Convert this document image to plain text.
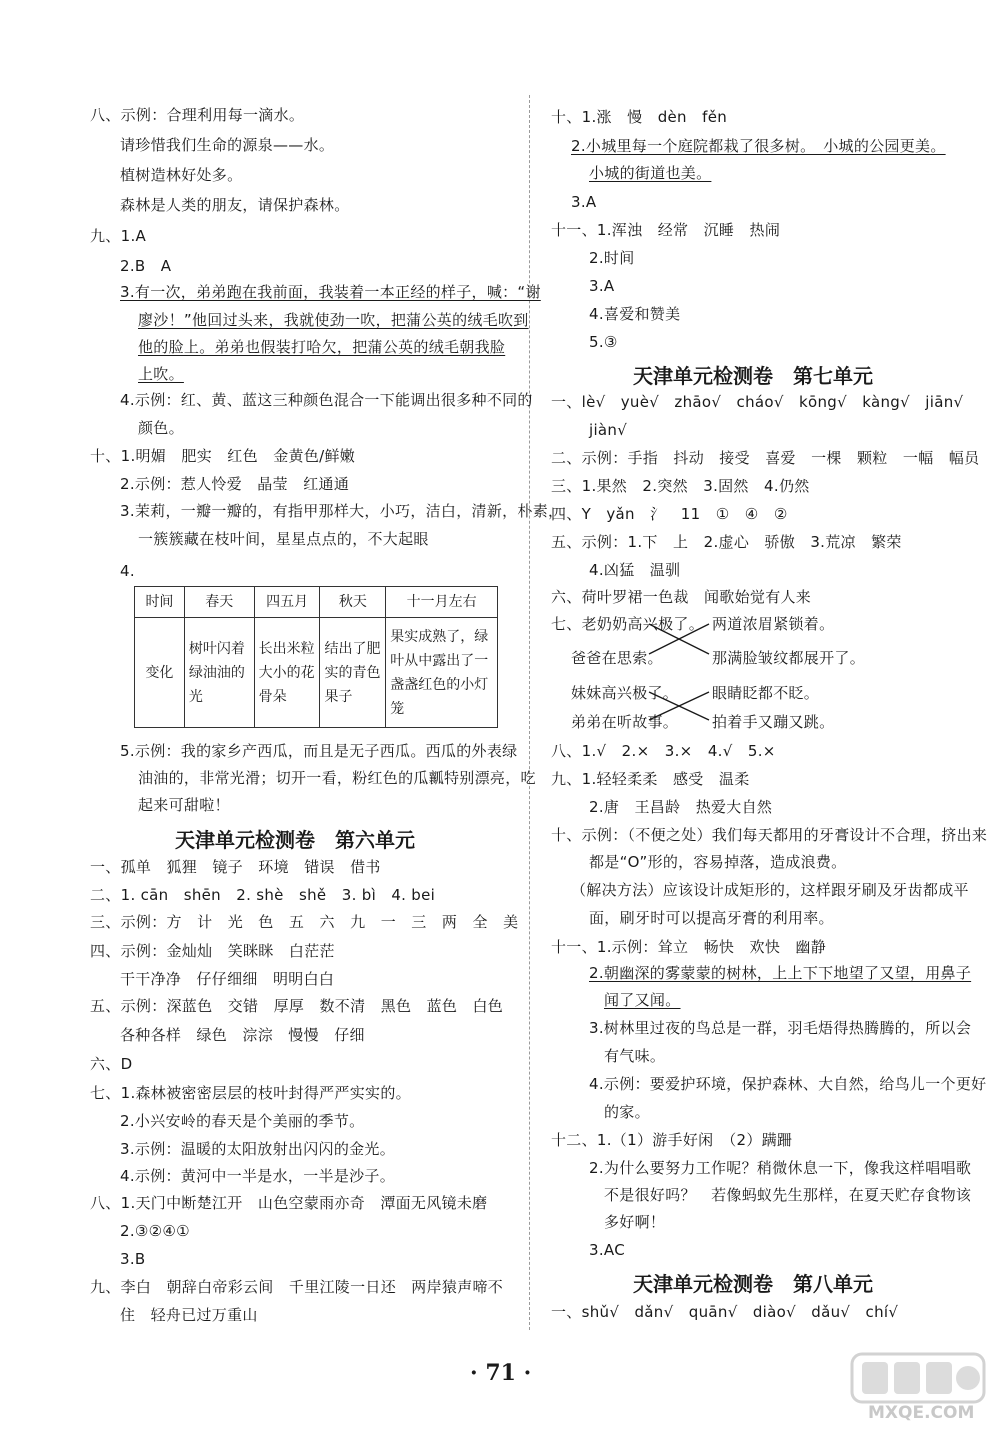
八、示例：合理利用每一滴水。
请珍惜我们生命的源泉——水。
植树造林好处多。
森林是人类的朋友，请保护森林。
九、1.A
2.B　A
3.有一次，弟弟跑在我前面，我装着一本正经的样子，喊：“谢
廖沙！”他回过头来，我就使劲一吹，把蒲公英的绒毛吹到
他的脸上。弟弟也假装打哈欠，把蒲公英的绒毛朝我脸
上吹。
4.示例：红、黄、蓝这三种颜色混合一下能调出很多种不同的
颜色。
十、1.明媚　肥实　红色　金黄色/鲜嫩
2.示例：惹人怜爱　晶莹　红通通
3.茉莉，一瓣一瓣的，有指甲那样大，小巧，洁白，清新，朴素，
一簇簇藏在枝叶间，星星点点的，不大起眼
4.
时间	春天	四五月	秋天	十一月左右
变化	树叶闪着绿油油的光	长出米粒大小的花骨朵	结出了肥实的青色果子	果实成熟了，绿叶从中露出了一盏盏红色的小灯笼
5.示例：我的家乡产西瓜，而且是无子西瓜。西瓜的外表绿
油油的，非常光滑；切开一看，粉红色的瓜瓤特别漂亮，吃
起来可甜啦！
天津单元检测卷　第六单元
一、孤单　狐狸　镜子　环境　错误　借书
二、1. cān　shēn　2. shè　shě　3. bì　4. bei
三、示例：方　计　光　色　五　六　九　一　三　两　全　美
四、示例：金灿灿　笑眯眯　白茫茫
干干净净　仔仔细细　明明白白
五、示例：深蓝色　交错　厚厚　数不清　黑色　蓝色　白色
各种各样　绿色　淙淙　慢慢　仔细
六、D
七、1.森林被密密层层的枝叶封得严严实实的。
2.小兴安岭的春天是个美丽的季节。
3.示例：温暖的太阳放射出闪闪的金光。
4.示例：黄河中一半是水，一半是沙子。
八、1.天门中断楚江开　山色空蒙雨亦奇　潭面无风镜未磨
2.③②④①
3.B
九、李白　朝辞白帝彩云间　千里江陵一日还　两岸猿声啼不
住　轻舟已过万重山
十、1.涨　慢　dèn　fěn
2.小城里每一个庭院都栽了很多树。　小城的公园更美。
小城的街道也美。
3.A
十一、1.浑浊　经常　沉睡　热闹
2.时间
3.A
4.喜爱和赞美
5.③
天津单元检测卷　第七单元
一、lè√　yuè√　zhāo√　cháo√　kōng√　kàng√　jiān√
jiàn√
二、示例：手指　抖动　接受　喜爱　一棵　颗粒　一幅　幅员
三、1.果然　2.突然　3.固然　4.仍然
四、Y　yǎn　氵　11　①　④　②
五、示例：1.下　上　2.虚心　骄傲　3.荒凉　繁荣
4.凶猛　温驯
六、荷叶罗裙一色裁　闻歌始觉有人来
七、老奶奶高兴极了。 两道浓眉紧锁着。
爸爸在思索。	那满脸皱纹都展开了。
妹妹高兴极了。 眼睛眨都不眨。
弟弟在听故事。 拍着手又蹦又跳。
八、1.√　2.×　3.×　4.√　5.×
九、1.轻轻柔柔　感受　温柔
2.唐　王昌龄　热爱大自然
十、示例：（不便之处）我们每天都用的牙膏设计不合理，挤出来
都是“O”形的，容易掉落，造成浪费。
（解决方法）应该设计成矩形的，这样跟牙刷及牙齿都成平
面，刷牙时可以提高牙膏的利用率。
十一、1.示例：耸立　畅快　欢快　幽静
2.朝幽深的雾蒙蒙的树林，上上下下地望了又望，用鼻子
闻了又闻。
3.树林里过夜的鸟总是一群，羽毛焐得热腾腾的，所以会
有气味。
4.示例：要爱护环境，保护森林、大自然，给鸟儿一个更好
的家。
十二、1.（1）游手好闲　（2）蹒跚
2.为什么要努力工作呢？稍微休息一下，像我这样唱唱歌
不是很好吗？　若像蚂蚁先生那样，在夏天贮存食物该
多好啊！
3.AC
天津单元检测卷　第八单元
一、shǔ√　dǎn√　quān√　diào√　dǎu√　chí√
· 71 ·
MXQE.COM
